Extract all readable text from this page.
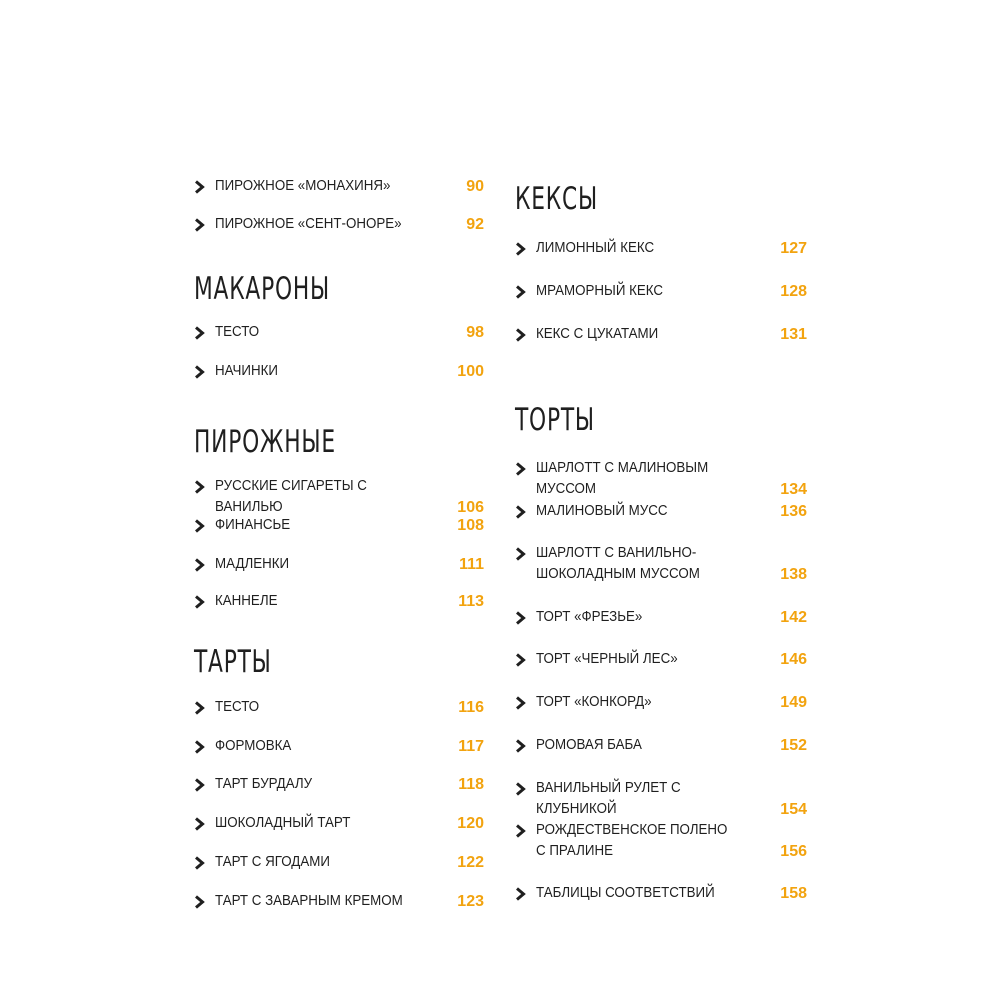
ПИРОЖНОЕ «МОНАХИНЯ»	90
ПИРОЖНОЕ «СЕНТ-ОНОРЕ»	92
МАКАРОНЫ
ТЕСТО	98
НАЧИНКИ	100
ПИРОЖНЫЕ
РУССКИЕ СИГАРЕТЫ С ВАНИЛЬЮ	106
ФИНАНСЬЕ	108
МАДЛЕНКИ	111
КАННЕЛЕ	113
ТАРТЫ
ТЕСТО	116
ФОРМОВКА	117
ТАРТ БУРДАЛУ	118
ШОКОЛАДНЫЙ ТАРТ	120
ТАРТ С ЯГОДАМИ	122
ТАРТ С ЗАВАРНЫМ КРЕМОМ	123
КЕКСЫ
ЛИМОННЫЙ КЕКС	127
МРАМОРНЫЙ КЕКС	128
КЕКС С ЦУКАТАМИ	131
ТОРТЫ
ШАРЛОТТ С МАЛИНОВЫМ МУССОМ	134
МАЛИНОВЫЙ МУСС	136
ШАРЛОТТ С ВАНИЛЬНО-
ШОКОЛАДНЫМ МУССОМ	138
ТОРТ «ФРЕЗЬЕ»	142
ТОРТ «ЧЕРНЫЙ ЛЕС»	146
ТОРТ «КОНКОРД»	149
РОМОВАЯ БАБА	152
ВАНИЛЬНЫЙ РУЛЕТ С КЛУБНИКОЙ	154
РОЖДЕСТВЕНСКОЕ ПОЛЕНО
С ПРАЛИНЕ	156
ТАБЛИЦЫ СООТВЕТСТВИЙ	158
